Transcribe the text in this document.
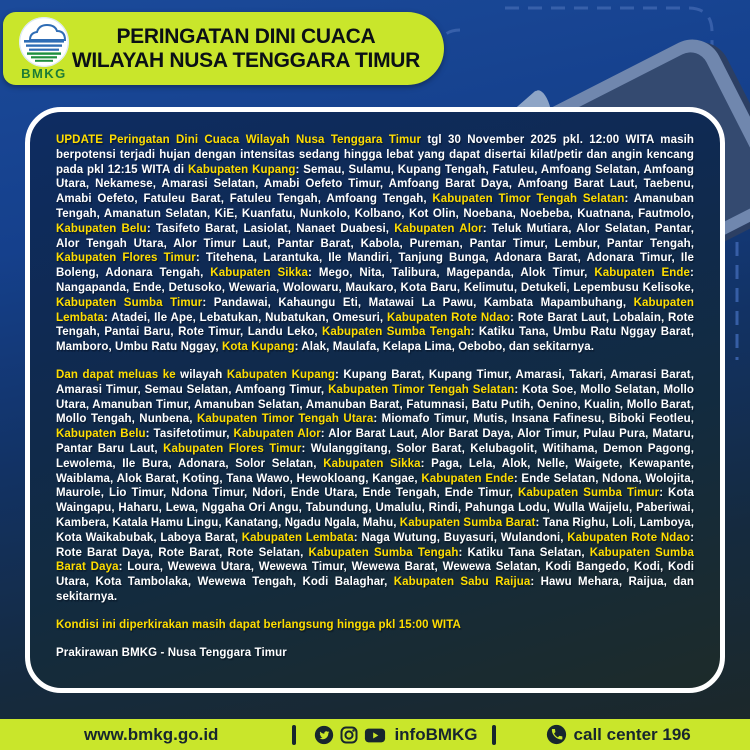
BMKG
PERINGATAN DINI CUACA
WILAYAH NUSA TENGGARA TIMUR

UPDATE Peringatan Dini Cuaca Wilayah Nusa Tenggara Timur tgl 30 November 2025 pkl. 12:00 WITA masih berpotensi terjadi hujan dengan intensitas sedang hingga lebat yang dapat disertai kilat/petir dan angin kencang pada pkl 12:15 WITA di Kabupaten Kupang: Semau, Sulamu, Kupang Tengah, Fatuleu, Amfoang Selatan, Amfoang Utara, Nekamese, Amarasi Selatan, Amabi Oefeto Timur, Amfoang Barat Daya, Amfoang Barat Laut, Taebenu, Amabi Oefeto, Fatuleu Barat, Fatuleu Tengah, Amfoang Tengah, Kabupaten Timor Tengah Selatan: Amanuban Tengah, Amanatun Selatan, KiE, Kuanfatu, Nunkolo, Kolbano, Kot Olin, Noebana, Noebeba, Kuatnana, Fautmolo, Kabupaten Belu: Tasifeto Barat, Lasiolat, Nanaet Duabesi, Kabupaten Alor: Teluk Mutiara, Alor Selatan, Pantar, Alor Tengah Utara, Alor Timur Laut, Pantar Barat, Kabola, Pureman, Pantar Timur, Lembur, Pantar Tengah, Kabupaten Flores Timur: Titehena, Larantuka, Ile Mandiri, Tanjung Bunga, Adonara Barat, Adonara Timur, Ile Boleng, Adonara Tengah, Kabupaten Sikka: Mego, Nita, Talibura, Magepanda, Alok Timur, Kabupaten Ende: Nangapanda, Ende, Detusoko, Wewaria, Wolowaru, Maukaro, Kota Baru, Kelimutu, Detukeli, Lepembusu Kelisoke, Kabupaten Sumba Timur: Pandawai, Kahaungu Eti, Matawai La Pawu, Kambata Mapambuhang, Kabupaten Lembata: Atadei, Ile Ape, Lebatukan, Nubatukan, Omesuri, Kabupaten Rote Ndao: Rote Barat Laut, Lobalain, Rote Tengah, Pantai Baru, Rote Timur, Landu Leko, Kabupaten Sumba Tengah: Katiku Tana, Umbu Ratu Nggay Barat, Mamboro, Umbu Ratu Nggay, Kota Kupang: Alak, Maulafa, Kelapa Lima, Oebobo, dan sekitarnya.

Dan dapat meluas ke wilayah Kabupaten Kupang: Kupang Barat, Kupang Timur, Amarasi, Takari, Amarasi Barat, Amarasi Timur, Semau Selatan, Amfoang Timur, Kabupaten Timor Tengah Selatan: Kota Soe, Mollo Selatan, Mollo Utara, Amanuban Timur, Amanuban Selatan, Amanuban Barat, Fatumnasi, Batu Putih, Oenino, Kualin, Mollo Barat, Mollo Tengah, Nunbena, Kabupaten Timor Tengah Utara: Miomafo Timur, Mutis, Insana Fafinesu, Biboki Feotleu, Kabupaten Belu: Tasifetotimur, Kabupaten Alor: Alor Barat Laut, Alor Barat Daya, Alor Timur, Pulau Pura, Mataru, Pantar Baru Laut, Kabupaten Flores Timur: Wulanggitang, Solor Barat, Kelubagolit, Witihama, Demon Pagong, Lewolema, Ile Bura, Adonara, Solor Selatan, Kabupaten Sikka: Paga, Lela, Alok, Nelle, Waigete, Kewapante, Waiblama, Alok Barat, Koting, Tana Wawo, Hewokloang, Kangae, Kabupaten Ende: Ende Selatan, Ndona, Wolojita, Maurole, Lio Timur, Ndona Timur, Ndori, Ende Utara, Ende Tengah, Ende Timur, Kabupaten Sumba Timur: Kota Waingapu, Haharu, Lewa, Nggaha Ori Angu, Tabundung, Umalulu, Rindi, Pahunga Lodu, Wulla Waijelu, Paberiwai, Kambera, Katala Hamu Lingu, Kanatang, Ngadu Ngala, Mahu, Kabupaten Sumba Barat: Tana Righu, Loli, Lamboya, Kota Waikabubak, Laboya Barat, Kabupaten Lembata: Naga Wutung, Buyasuri, Wulandoni, Kabupaten Rote Ndao: Rote Barat Daya, Rote Barat, Rote Selatan, Kabupaten Sumba Tengah: Katiku Tana Selatan, Kabupaten Sumba Barat Daya: Loura, Wewewa Utara, Wewewa Timur, Wewewa Barat, Wewewa Selatan, Kodi Bangedo, Kodi, Kodi Utara, Kota Tambolaka, Wewewa Tengah, Kodi Balaghar, Kabupaten Sabu Raijua: Hawu Mehara, Raijua, dan sekitarnya.

Kondisi ini diperkirakan masih dapat berlangsung hingga pkl 15:00 WITA

Prakirawan BMKG - Nusa Tenggara Timur

www.bmkg.go.id	infoBMKG	call center 196
